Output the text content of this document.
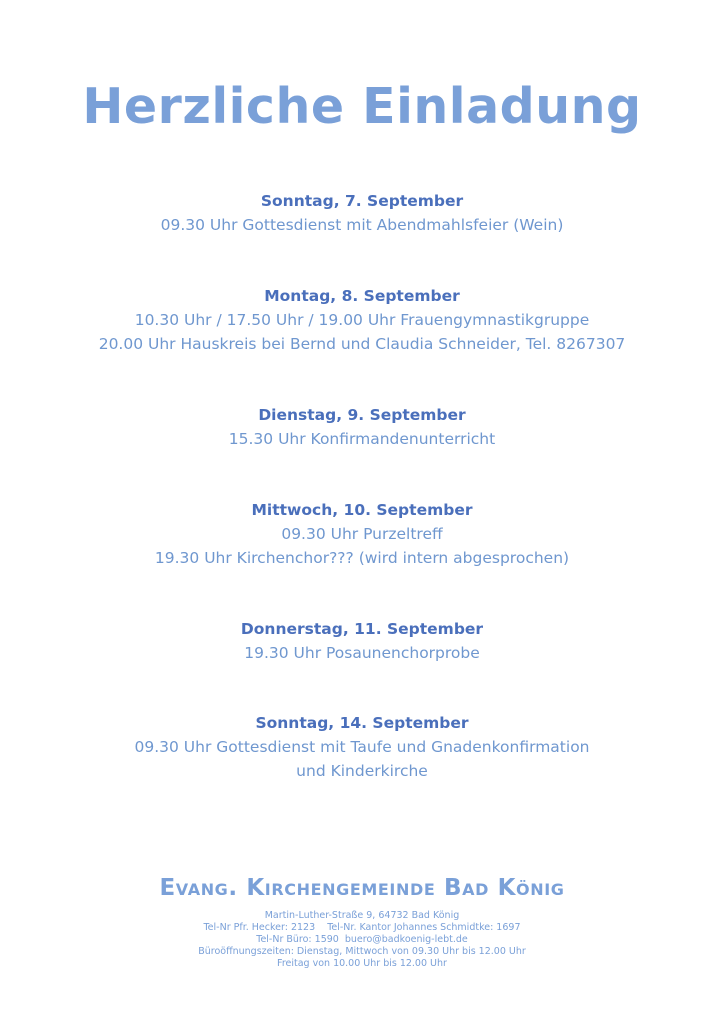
Herzliche Einladung
Sonntag, 7. September
09.30 Uhr Gottesdienst mit Abendmahlsfeier (Wein)
Montag, 8. September
10.30 Uhr / 17.50 Uhr / 19.00 Uhr Frauengymnastikgruppe
20.00 Uhr Hauskreis bei Bernd und Claudia Schneider, Tel. 8267307
Dienstag, 9. September
15.30 Uhr Konfirmandenunterricht
Mittwoch, 10. September
09.30 Uhr Purzeltreff
19.30 Uhr Kirchenchor??? (wird intern abgesprochen)
Donnerstag, 11. September
19.30 Uhr Posaunenchorprobe
Sonntag, 14. September
09.30 Uhr Gottesdienst mit Taufe und Gnadenkonfirmation
und Kinderkirche
Evang. Kirchengemeinde Bad König
Martin-Luther-Straße 9, 64732 Bad König
Tel-Nr Pfr. Hecker: 2123    Tel-Nr. Kantor Johannes Schmidtke: 1697
Tel-Nr Büro: 1590  buero@badkoenig-lebt.de
Büroöffnungszeiten: Dienstag, Mittwoch von 09.30 Uhr bis 12.00 Uhr
Freitag von 10.00 Uhr bis 12.00 Uhr
